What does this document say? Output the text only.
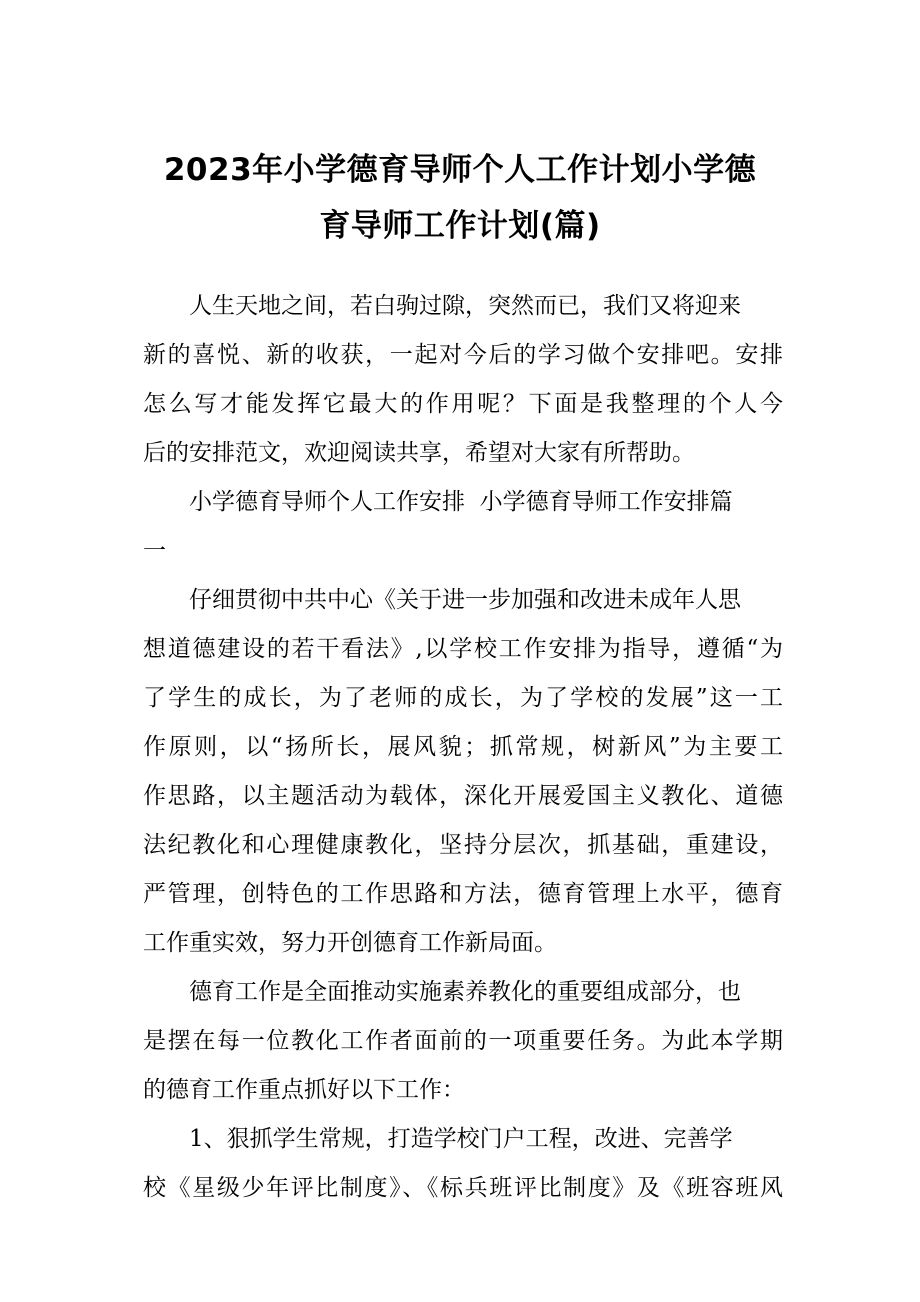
2023年小学德育导师个人工作计划小学德
育导师工作计划(篇)
人生天地之间，若白驹过隙，突然而已，我们又将迎来
新的喜悦、新的收获，一起对今后的学习做个安排吧。安排
怎么写才能发挥它最大的作用呢？下面是我整理的个人今
后的安排范文，欢迎阅读共享，希望对大家有所帮助。
小学德育导师个人工作安排  小学德育导师工作安排篇
一
仔细贯彻中共中心《关于进一步加强和改进未成年人思
想道德建设的若干看法》,以学校工作安排为指导，遵循“为
了学生的成长，为了老师的成长，为了学校的发展”这一工
作原则，以“扬所长，展风貌；抓常规，树新风”为主要工
作思路，以主题活动为载体，深化开展爱国主义教化、道德
法纪教化和心理健康教化，坚持分层次，抓基础，重建设，
严管理，创特色的工作思路和方法，德育管理上水平，德育
工作重实效，努力开创德育工作新局面。
德育工作是全面推动实施素养教化的重要组成部分，也
是摆在每一位教化工作者面前的一项重要任务。为此本学期
的德育工作重点抓好以下工作：
1、狠抓学生常规，打造学校门户工程，改进、完善学
校《星级少年评比制度》、《标兵班评比制度》及《班容班风
